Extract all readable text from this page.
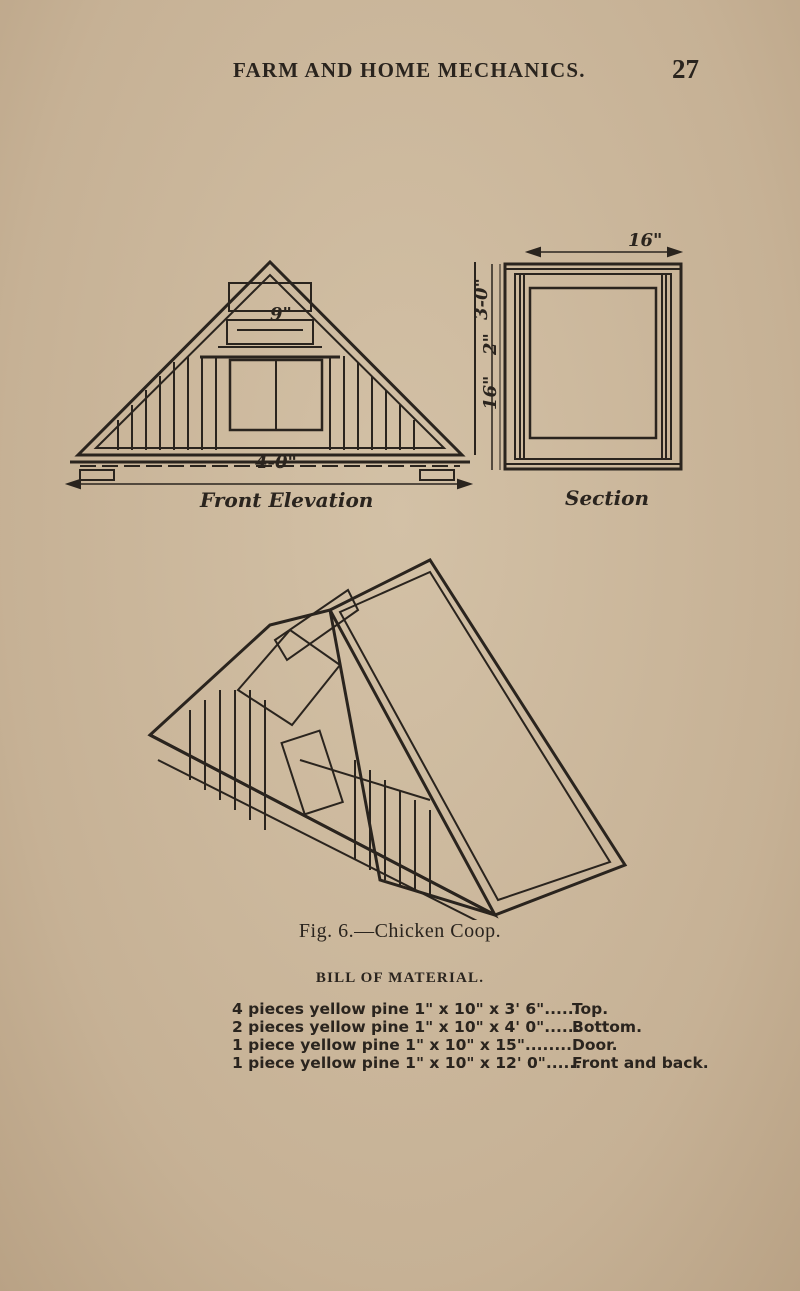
FARM AND HOME MECHANICS.	27
Front Elevation	Section
4-0"
16"
9"
16"
2"
3-0"
Fig. 6.—Chicken Coop.
BILL OF MATERIAL.
4 pieces yellow pine 1" x 10" x 3' 6"......Top.
2 pieces yellow pine 1" x 10" x 4' 0"......Bottom.
1 piece yellow pine 1" x 10" x 15"........Door.
1 piece yellow pine 1" x 10" x 12' 0"......Front and back.
